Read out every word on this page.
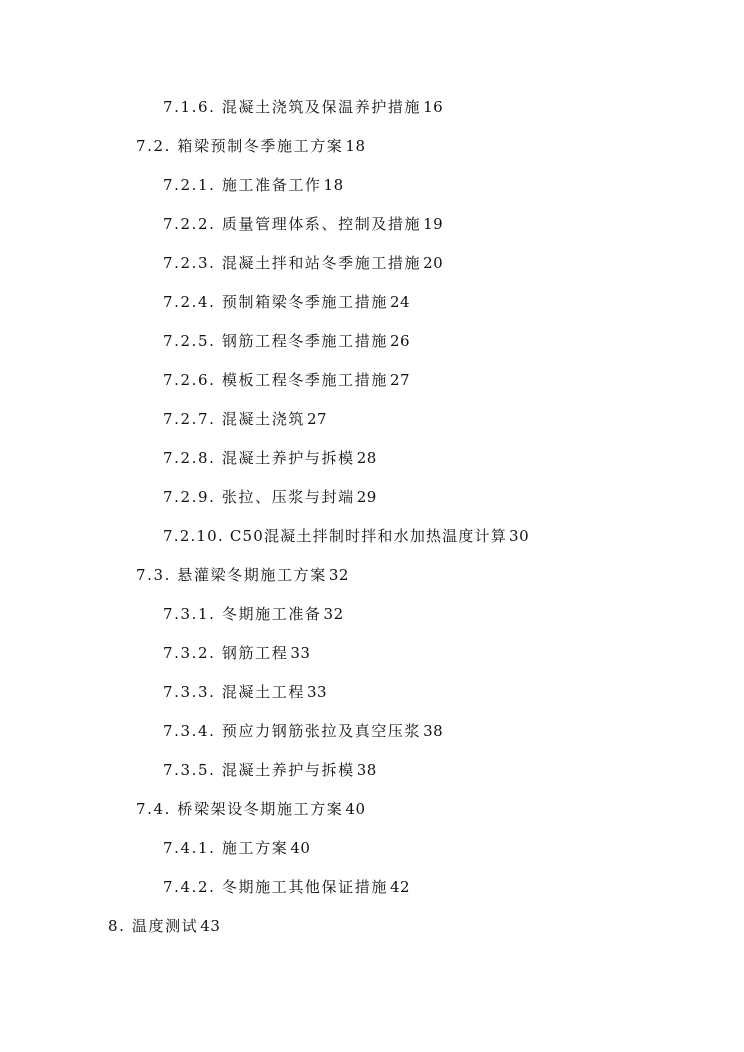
7.1.6. 混凝土浇筑及保温养护措施 16
7.2. 箱梁预制冬季施工方案 18
7.2.1. 施工准备工作 18
7.2.2. 质量管理体系、控制及措施 19
7.2.3. 混凝土拌和站冬季施工措施 20
7.2.4. 预制箱梁冬季施工措施 24
7.2.5. 钢筋工程冬季施工措施 26
7.2.6. 模板工程冬季施工措施 27
7.2.7. 混凝土浇筑 27
7.2.8. 混凝土养护与拆模 28
7.2.9. 张拉、压浆与封端 29
7.2.10. C50混凝土拌制时拌和水加热温度计算 30
7.3. 悬灌梁冬期施工方案 32
7.3.1. 冬期施工准备 32
7.3.2. 钢筋工程 33
7.3.3. 混凝土工程 33
7.3.4. 预应力钢筋张拉及真空压浆 38
7.3.5. 混凝土养护与拆模 38
7.4. 桥梁架设冬期施工方案 40
7.4.1. 施工方案 40
7.4.2. 冬期施工其他保证措施 42
8. 温度测试 43
